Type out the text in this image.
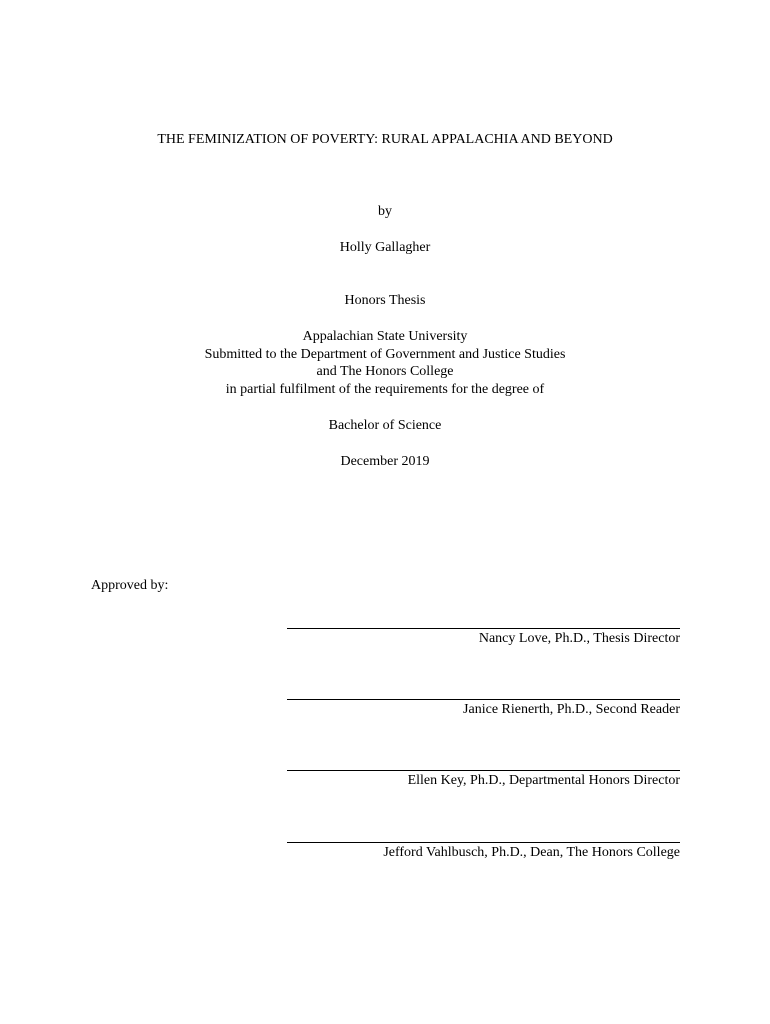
THE FEMINIZATION OF POVERTY: RURAL APPALACHIA AND BEYOND
by
Holly Gallagher
Honors Thesis
Appalachian State University
Submitted to the Department of Government and Justice Studies
and The Honors College
in partial fulfilment of the requirements for the degree of
Bachelor of Science
December 2019
Approved by:
Nancy Love, Ph.D., Thesis Director
Janice Rienerth, Ph.D., Second Reader
Ellen Key, Ph.D., Departmental Honors Director
Jefford Vahlbusch, Ph.D., Dean, The Honors College
